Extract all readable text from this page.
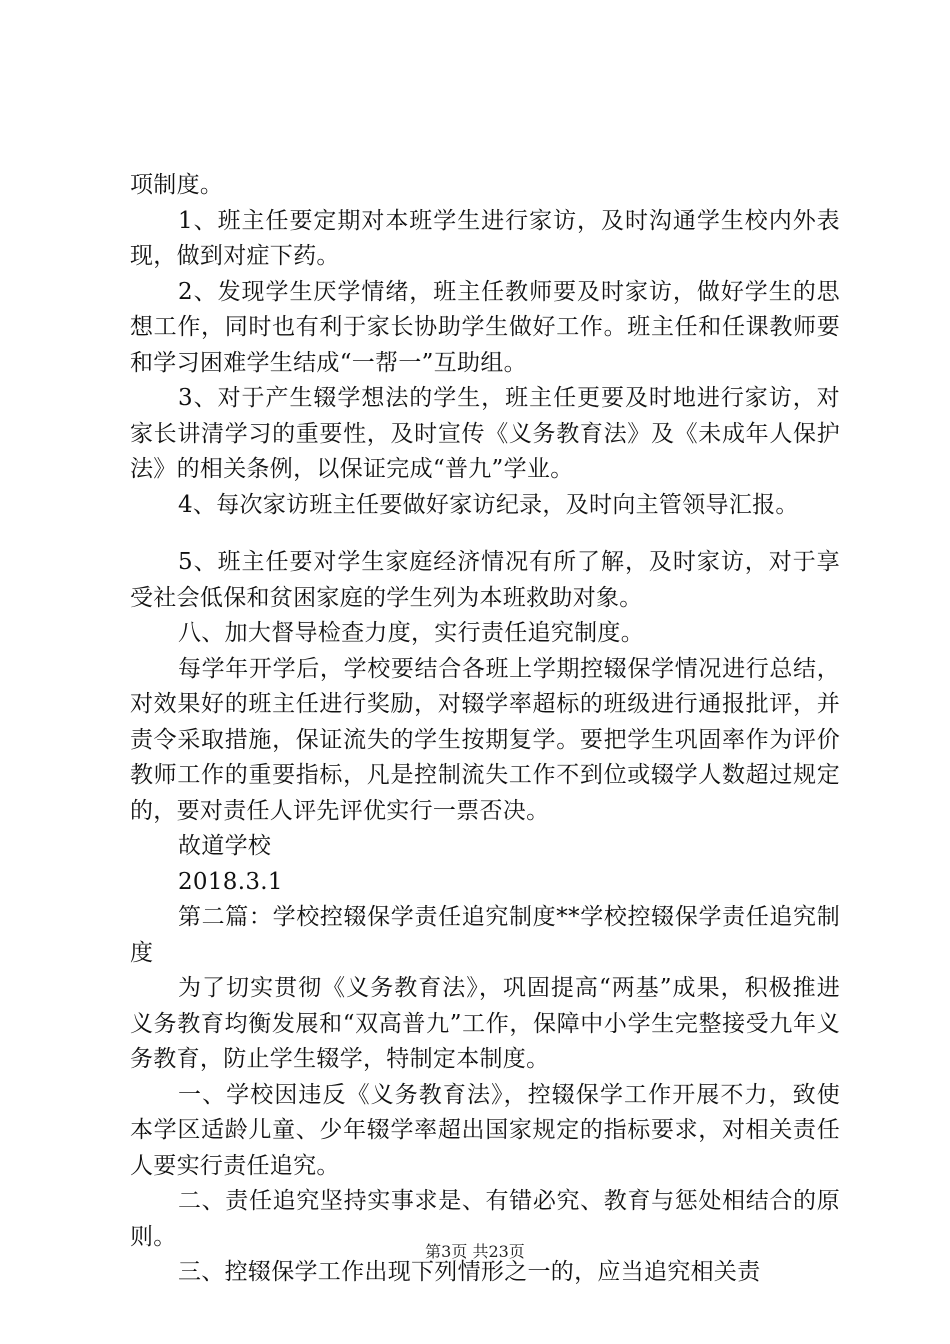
项制度。

1、班主任要定期对本班学生进行家访，及时沟通学生校内外表现，做到对症下药。

2、发现学生厌学情绪，班主任教师要及时家访，做好学生的思想工作，同时也有利于家长协助学生做好工作。班主任和任课教师要和学习困难学生结成“一帮一”互助组。

3、对于产生辍学想法的学生，班主任更要及时地进行家访，对家长讲清学习的重要性，及时宣传《义务教育法》及《未成年人保护法》的相关条例，以保证完成“普九”学业。

4、每次家访班主任要做好家访纪录，及时向主管领导汇报。

5、班主任要对学生家庭经济情况有所了解，及时家访，对于享受社会低保和贫困家庭的学生列为本班救助对象。

八、加大督导检查力度，实行责任追究制度。

每学年开学后，学校要结合各班上学期控辍保学情况进行总结，对效果好的班主任进行奖励，对辍学率超标的班级进行通报批评，并责令采取措施，保证流失的学生按期复学。要把学生巩固率作为评价教师工作的重要指标，凡是控制流失工作不到位或辍学人数超过规定的，要对责任人评先评优实行一票否决。

故道学校

2018.3.1

第二篇：学校控辍保学责任追究制度**学校控辍保学责任追究制度

为了切实贯彻《义务教育法》，巩固提高“两基”成果，积极推进义务教育均衡发展和“双高普九”工作，保障中小学生完整接受九年义务教育，防止学生辍学，特制定本制度。

一、学校因违反《义务教育法》，控辍保学工作开展不力，致使本学区适龄儿童、少年辍学率超出国家规定的指标要求，对相关责任人要实行责任追究。

二、责任追究坚持实事求是、有错必究、教育与惩处相结合的原则。

三、控辍保学工作出现下列情形之一的，应当追究相关责

第3页 共23页
